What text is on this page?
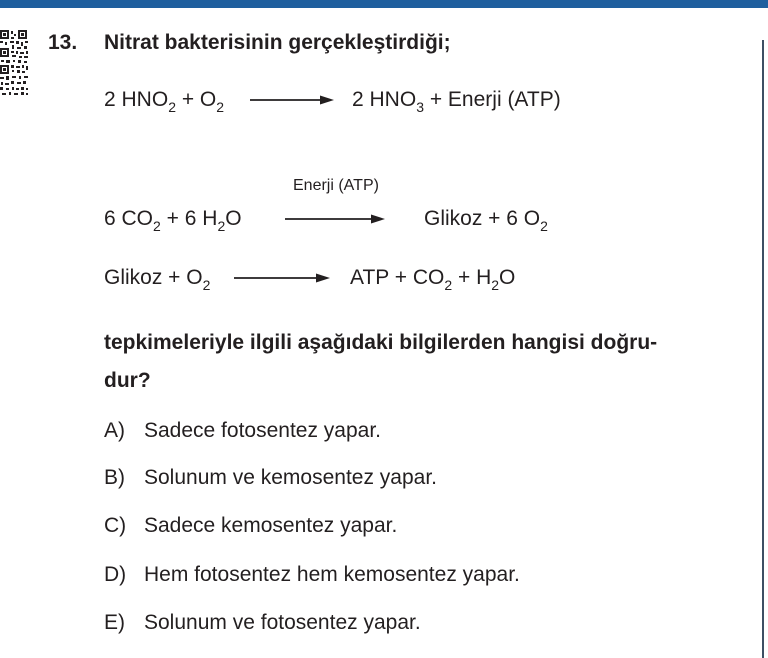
13. Nitrat bakterisinin gerçekleştirdiği;
2 $HNO_2 + O_2$	2 $HNO_3$ + Enerji (ATP)
Enerji (ATP)
6 $CO_2 + 6$ $H_2O$	Glikoz + 6 $O_2$
Glikoz + $O_2$	ATP + $CO_2 + H_2O$
tepkimeleriyle ilgili aşağıdaki bilgilerden hangisi doğru-
dur?
A) Sadece fotosentez yapar.
B) Solunum ve kemosentez yapar.
C) Sadece kemosentez yapar.
D) Hem fotosentez hem kemosentez yapar.
E) Solunum ve fotosentez yapar.
